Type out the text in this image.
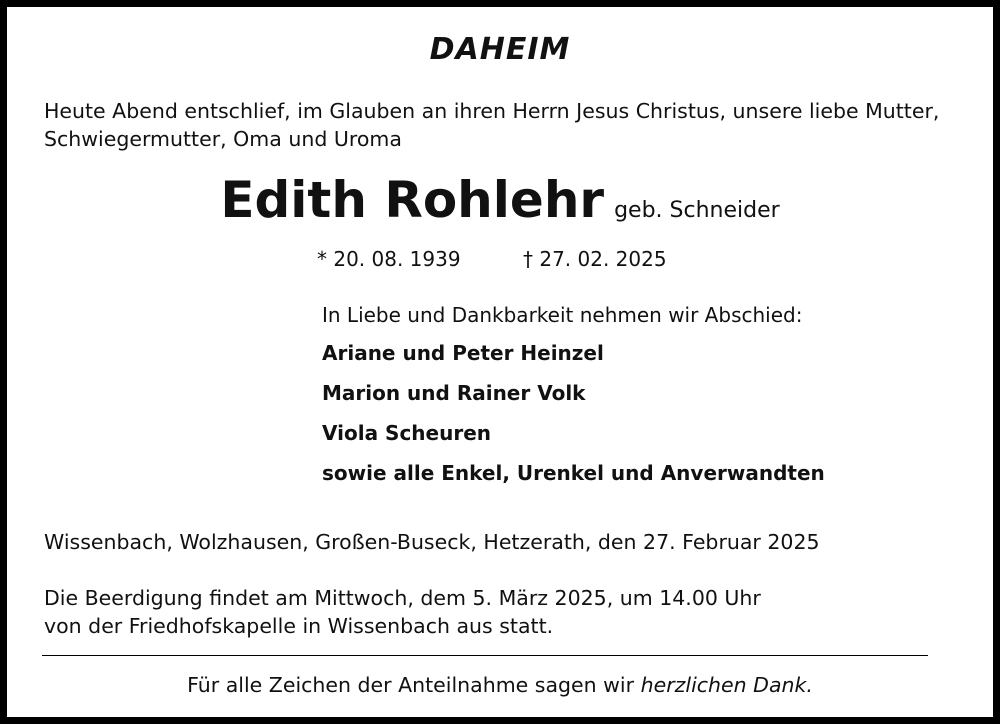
DAHEIM
Heute Abend entschlief, im Glauben an ihren Herrn Jesus Christus, unsere liebe Mutter,
Schwiegermutter, Oma und Uroma
Edith Rohlehr geb. Schneider
* 20. 08. 1939	† 27. 02. 2025
In Liebe und Dankbarkeit nehmen wir Abschied:
Ariane und Peter Heinzel
Marion und Rainer Volk
Viola Scheuren
sowie alle Enkel, Urenkel und Anverwandten
Wissenbach, Wolzhausen, Großen-Buseck, Hetzerath, den 27. Februar 2025
Die Beerdigung findet am Mittwoch, dem 5. März 2025, um 14.00 Uhr
von der Friedhofskapelle in Wissenbach aus statt.
Für alle Zeichen der Anteilnahme sagen wir herzlichen Dank.
